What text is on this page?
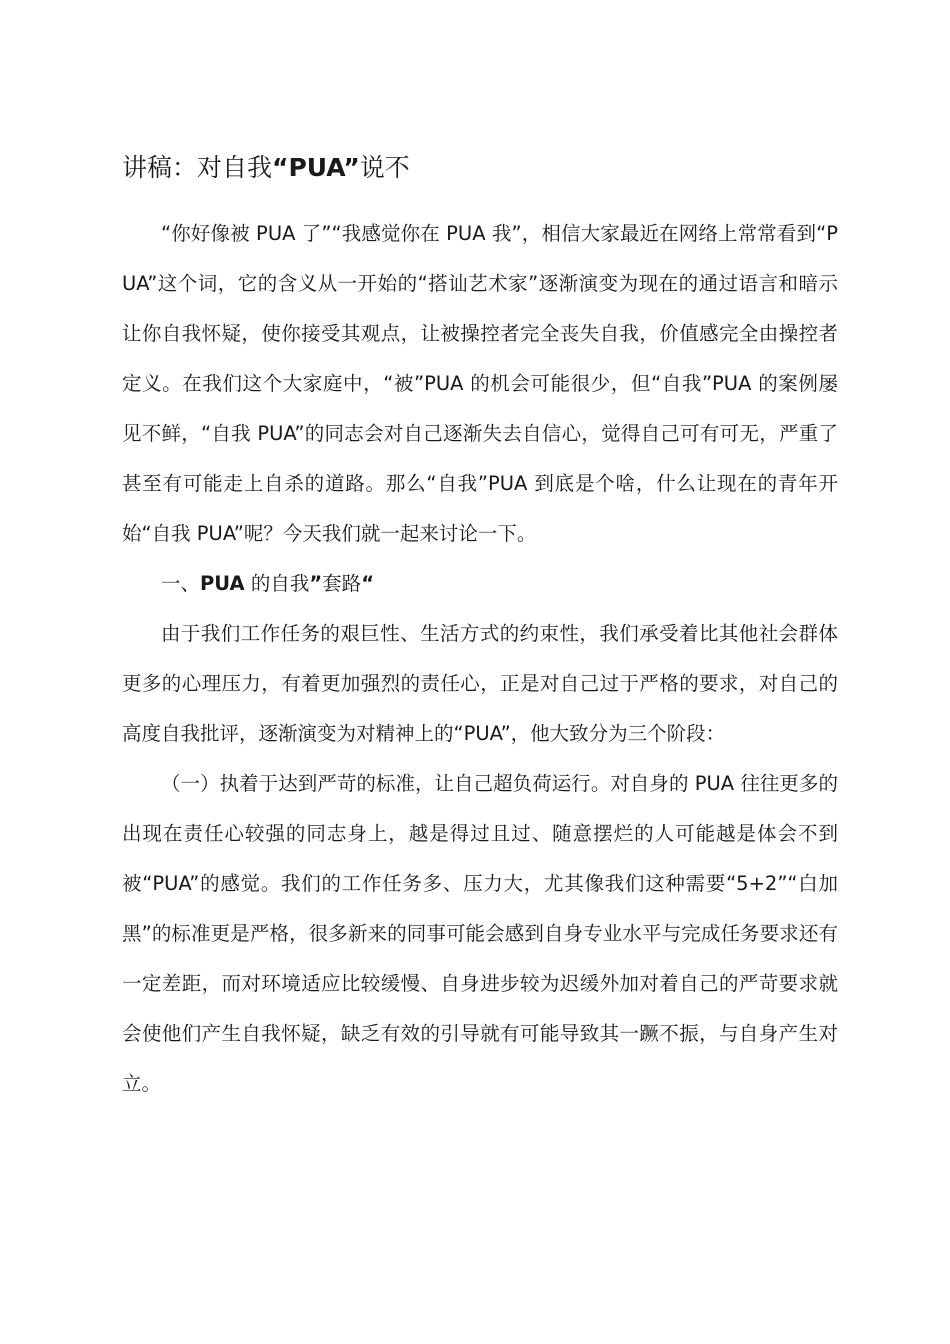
讲稿：对自我“PUA”说不

“你好像被 PUA 了”“我感觉你在 PUA 我”，相信大家最近在网络上常常看到“PUA”这个词，它的含义从一开始的“搭讪艺术家”逐渐演变为现在的通过语言和暗示让你自我怀疑，使你接受其观点，让被操控者完全丧失自我，价值感完全由操控者定义。在我们这个大家庭中，“被”PUA 的机会可能很少，但“自我”PUA 的案例屡见不鲜，“自我 PUA”的同志会对自己逐渐失去自信心，觉得自己可有可无，严重了甚至有可能走上自杀的道路。那么“自我”PUA 到底是个啥，什么让现在的青年开始“自我 PUA”呢？今天我们就一起来讨论一下。

一、PUA 的自我”套路“

由于我们工作任务的艰巨性、生活方式的约束性，我们承受着比其他社会群体更多的心理压力，有着更加强烈的责任心，正是对自己过于严格的要求，对自己的高度自我批评，逐渐演变为对精神上的“PUA”，他大致分为三个阶段：

（一）执着于达到严苛的标准，让自己超负荷运行。对自身的 PUA 往往更多的出现在责任心较强的同志身上，越是得过且过、随意摆烂的人可能越是体会不到被“PUA”的感觉。我们的工作任务多、压力大，尤其像我们这种需要“5+2”“白加黑”的标准更是严格，很多新来的同事可能会感到自身专业水平与完成任务要求还有一定差距，而对环境适应比较缓慢、自身进步较为迟缓外加对着自己的严苛要求就会使他们产生自我怀疑，缺乏有效的引导就有可能导致其一蹶不振，与自身产生对立。
